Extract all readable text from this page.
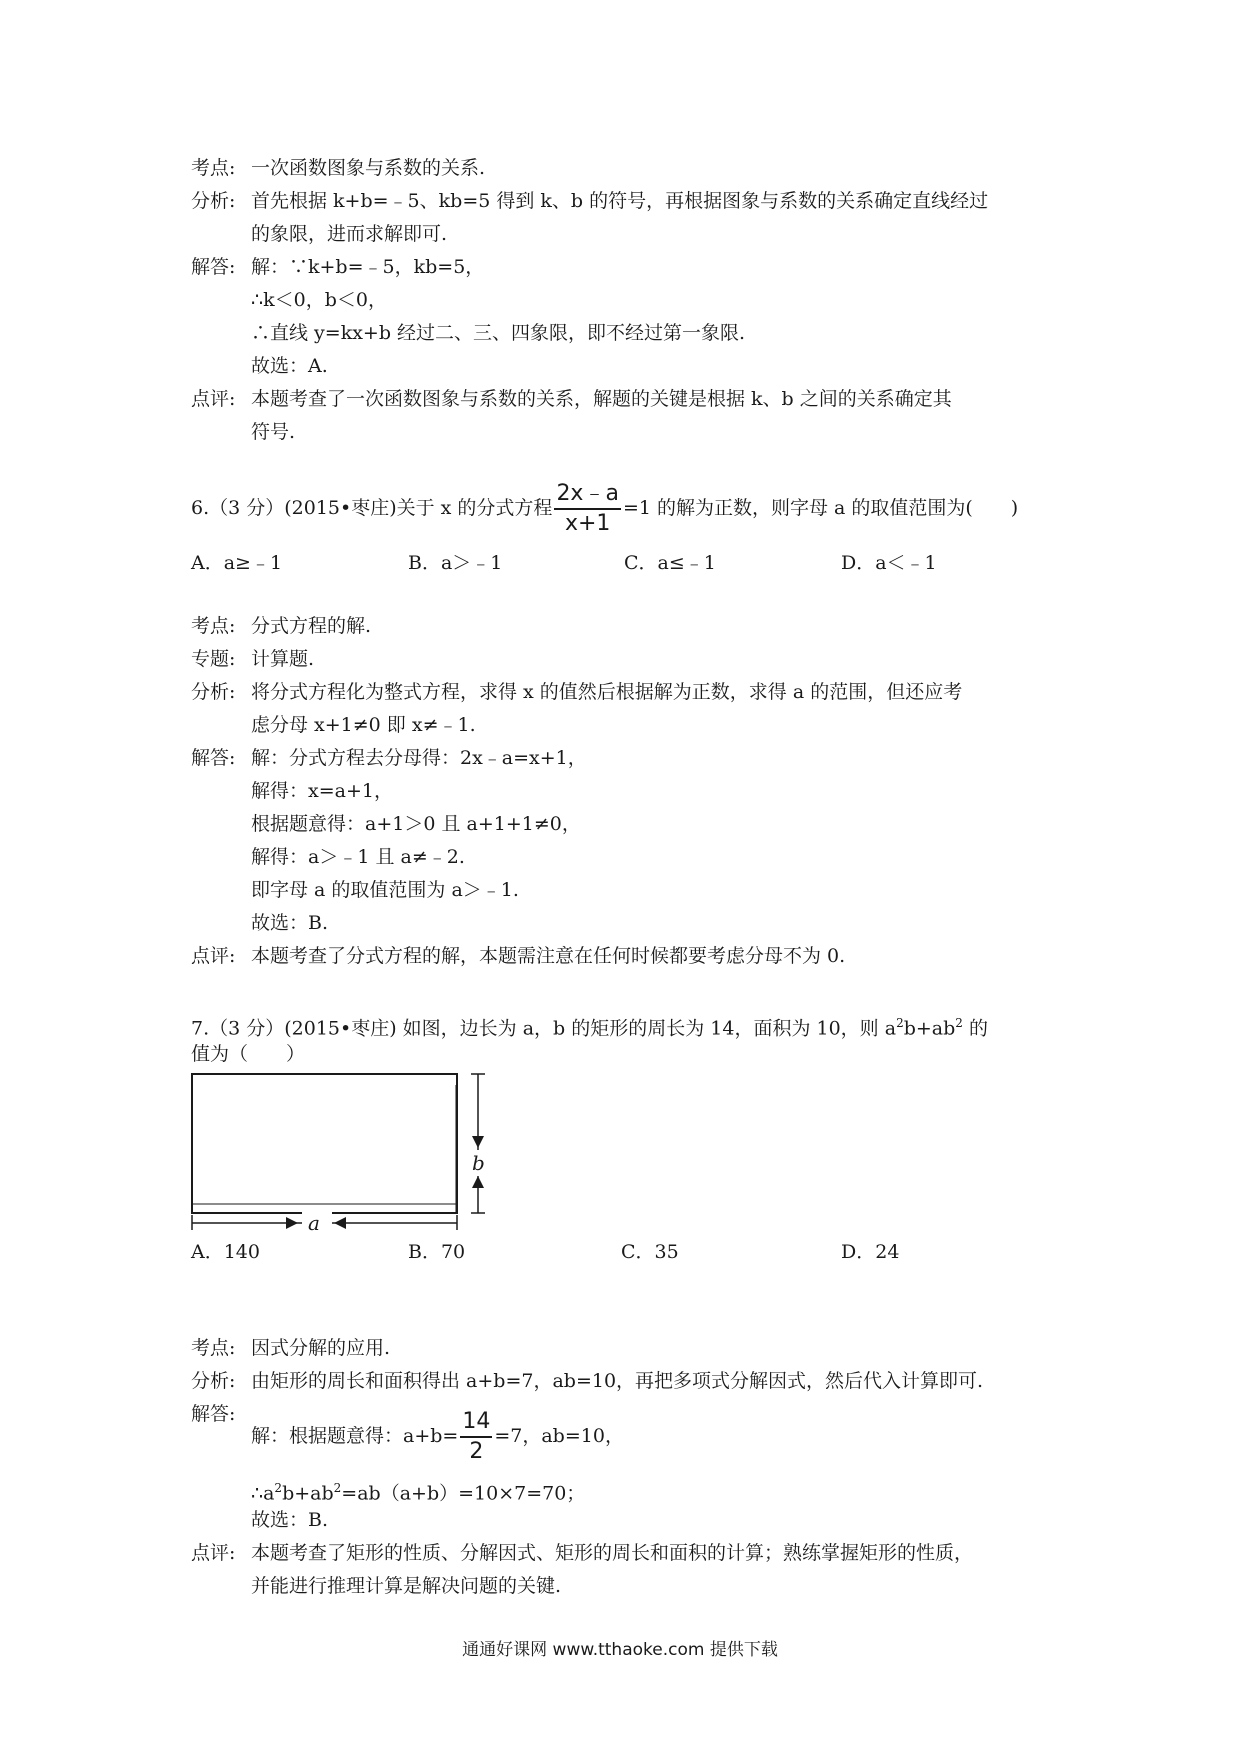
考点: 一次函数图象与系数的关系.
分析: 首先根据 k+b=﹣5、kb=5 得到 k、b 的符号，再根据图象与系数的关系确定直线经过
的象限，进而求解即可.
解答: 解：∵k+b=﹣5，kb=5，
∴k＜0，b＜0，
∴直线 y=kx+b 经过二、三、四象限，即不经过第一象限.
故选：A.
点评: 本题考查了一次函数图象与系数的关系，解题的关键是根据 k、b 之间的关系确定其
符号.
6.（3 分）(2015•枣庄)关于 x 的分式方程 $\frac{2x﹣a}{x+1} =1$ 的解为正数，则字母 a 的取值范围为(　　)
A．a≥﹣1	B．a＞﹣1	C．a≤﹣1	D．a＜﹣1
考点: 分式方程的解.
专题: 计算题.
分析: 将分式方程化为整式方程，求得 x 的值然后根据解为正数，求得 a 的范围，但还应考
虑分母 x+1≠0 即 x≠﹣1.
解答: 解：分式方程去分母得：2x﹣a=x+1，
解得：x=a+1，
根据题意得：a+1＞0 且 a+1+1≠0，
解得：a＞﹣1 且 a≠﹣2.
即字母 a 的取值范围为 a＞﹣1.
故选：B.
点评: 本题考查了分式方程的解，本题需注意在任何时候都要考虑分母不为 0.
7.（3 分）(2015•枣庄) 如图，边长为 a，b 的矩形的周长为 14，面积为 10，则 $a^2b+ab^2$ 的
值为（　　）
b
a
A．140	B．70	C．35	D．24
考点: 因式分解的应用.
分析: 由矩形的周长和面积得出 a+b=7，ab=10，再把多项式分解因式，然后代入计算即可.
解答:
解：根据题意得：$a+b= \frac{14}{2} =7$，ab=10，
$\therefore a^2b+ab^2=ab(a+b)=10\times 7=70$；
故选：B.
点评: 本题考查了矩形的性质、分解因式、矩形的周长和面积的计算；熟练掌握矩形的性质，
并能进行推理计算是解决问题的关键.
通通好课网 www.tthaoke.com 提供下载
